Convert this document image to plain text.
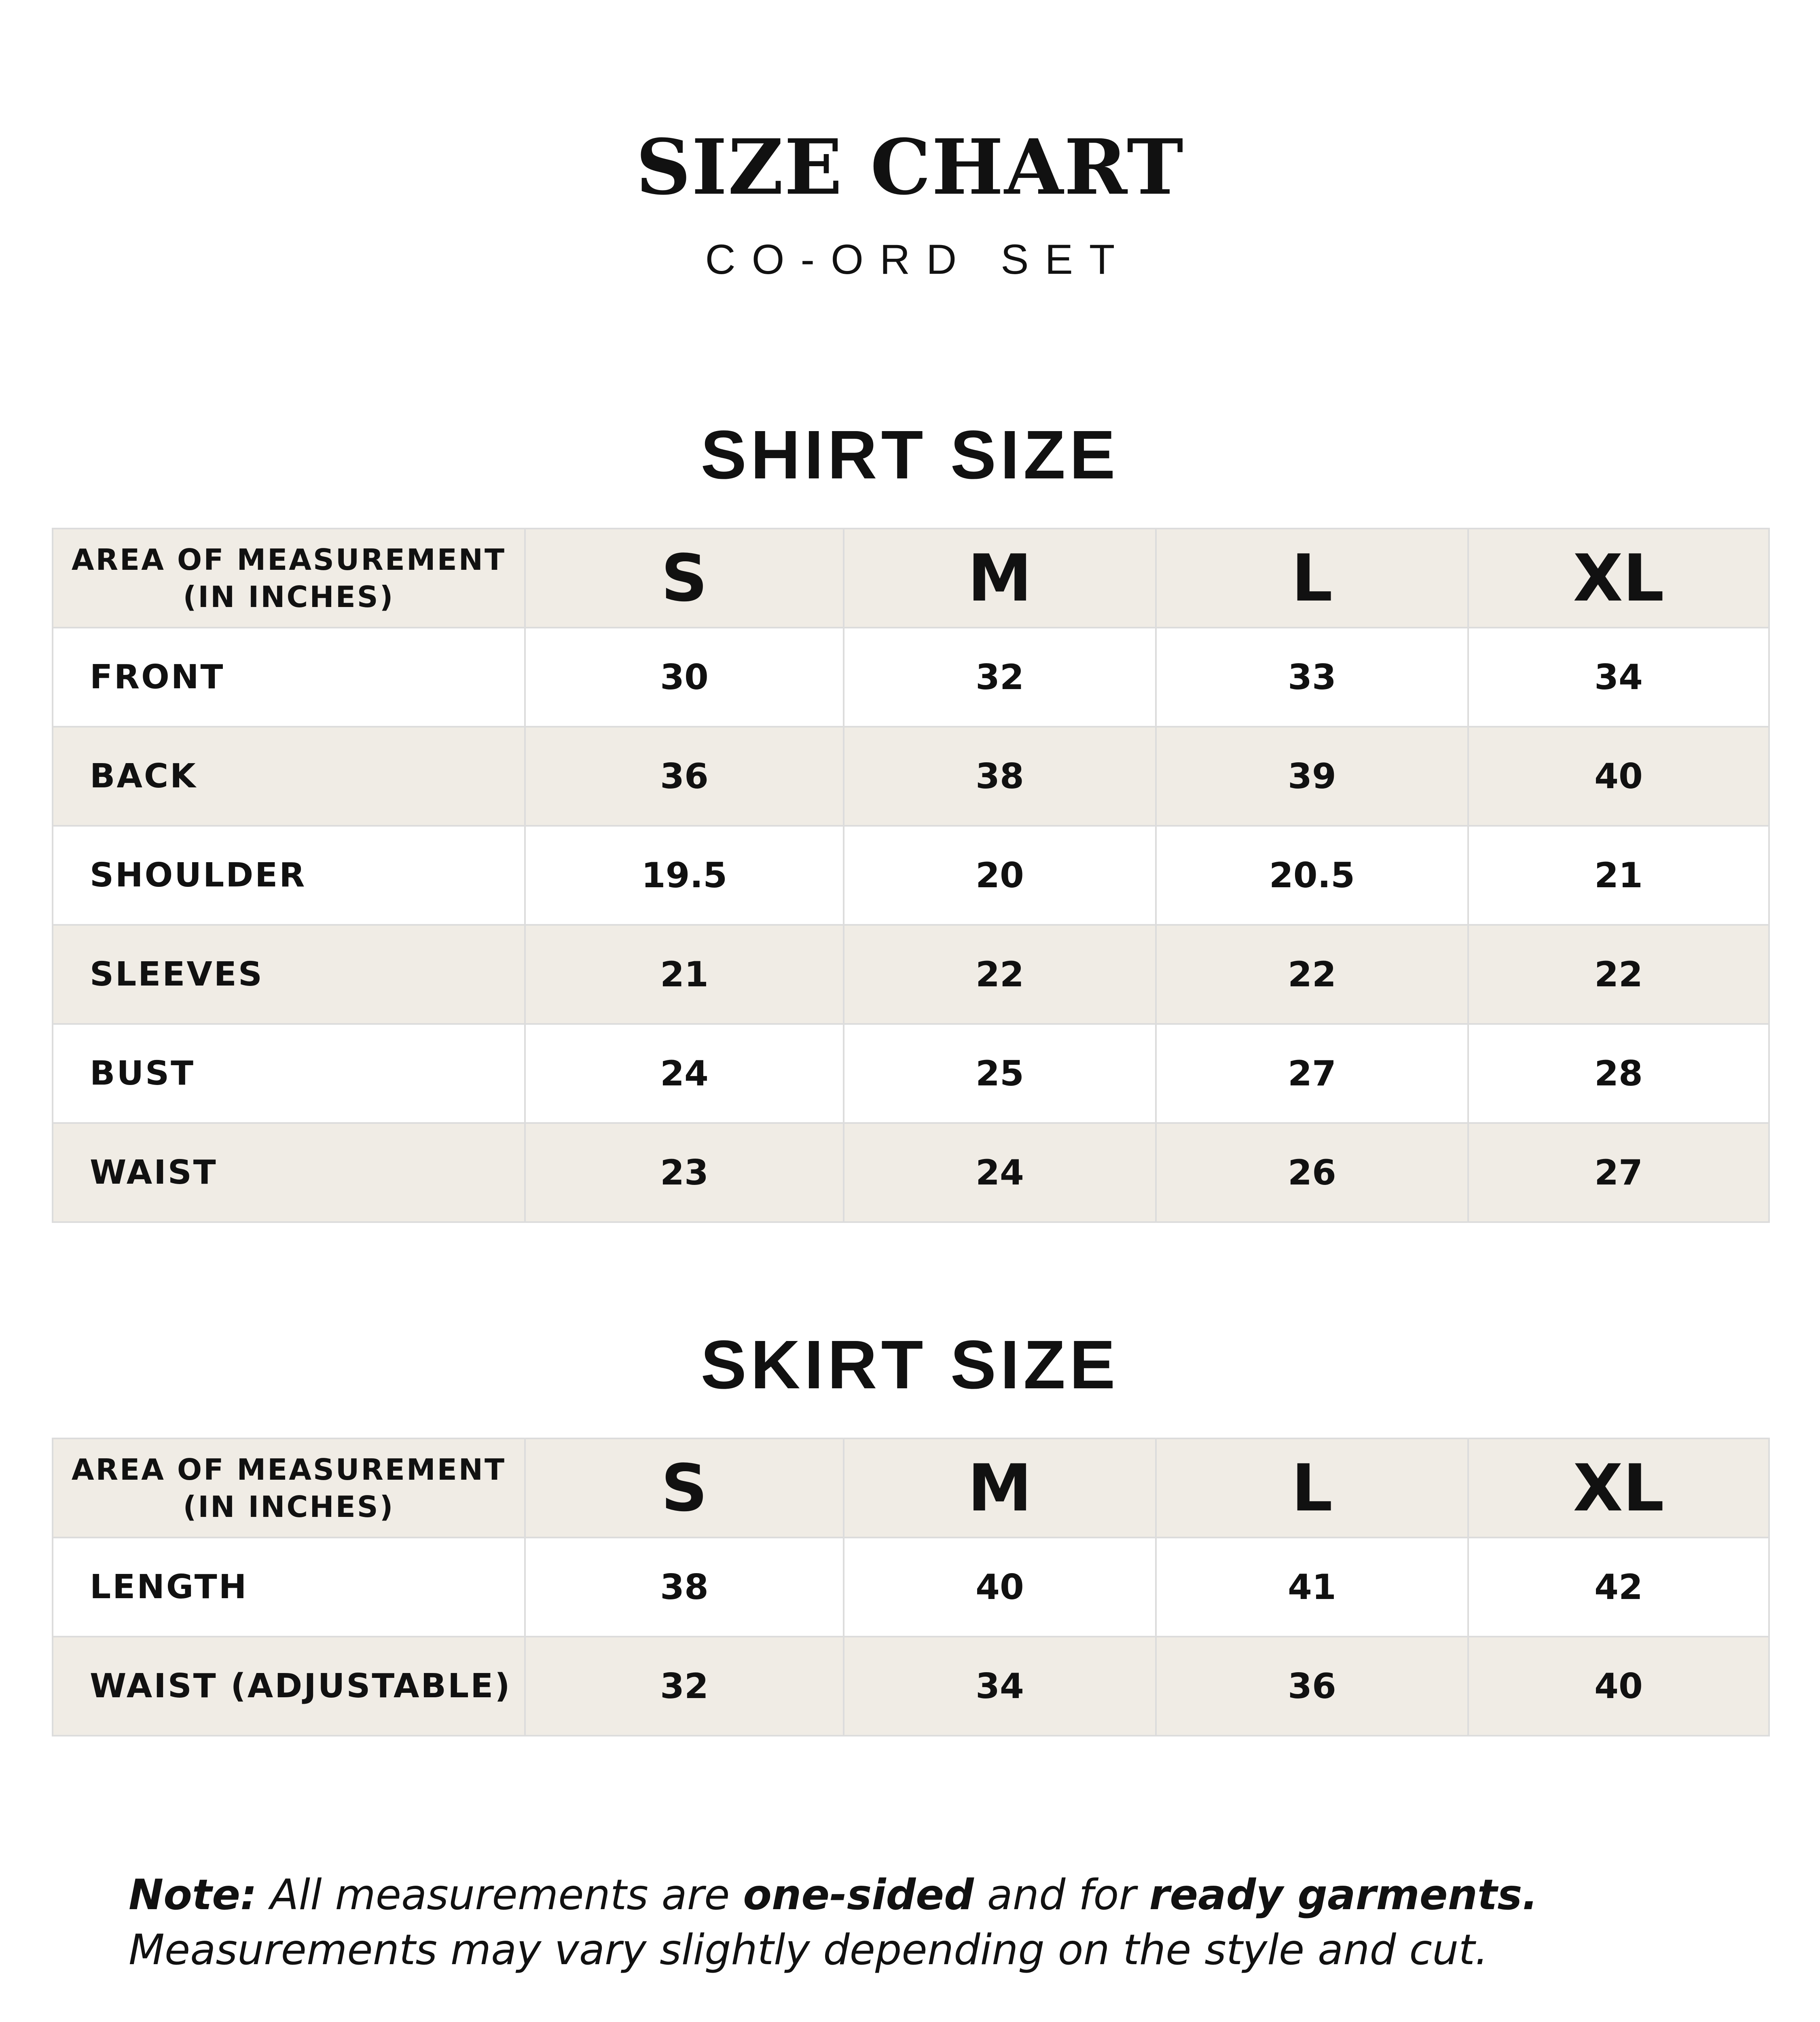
SIZE CHART

CO-ORD SET

SHIRT SIZE
AREA OF MEASUREMENT
(IN INCHES)	S	M	L	XL
FRONT	30	32	33	34
BACK	36	38	39	40
SHOULDER	19.5	20	20.5	21
SLEEVES	21	22	22	22
BUST	24	25	27	28
WAIST	23	24	26	27
SKIRT SIZE
AREA OF MEASUREMENT
(IN INCHES)	S	M	L	XL
LENGTH	38	40	41	42
WAIST (ADJUSTABLE)	32	34	36	40

Note: All measurements are one-sided and for ready garments.
Measurements may vary slightly depending on the style and cut.
